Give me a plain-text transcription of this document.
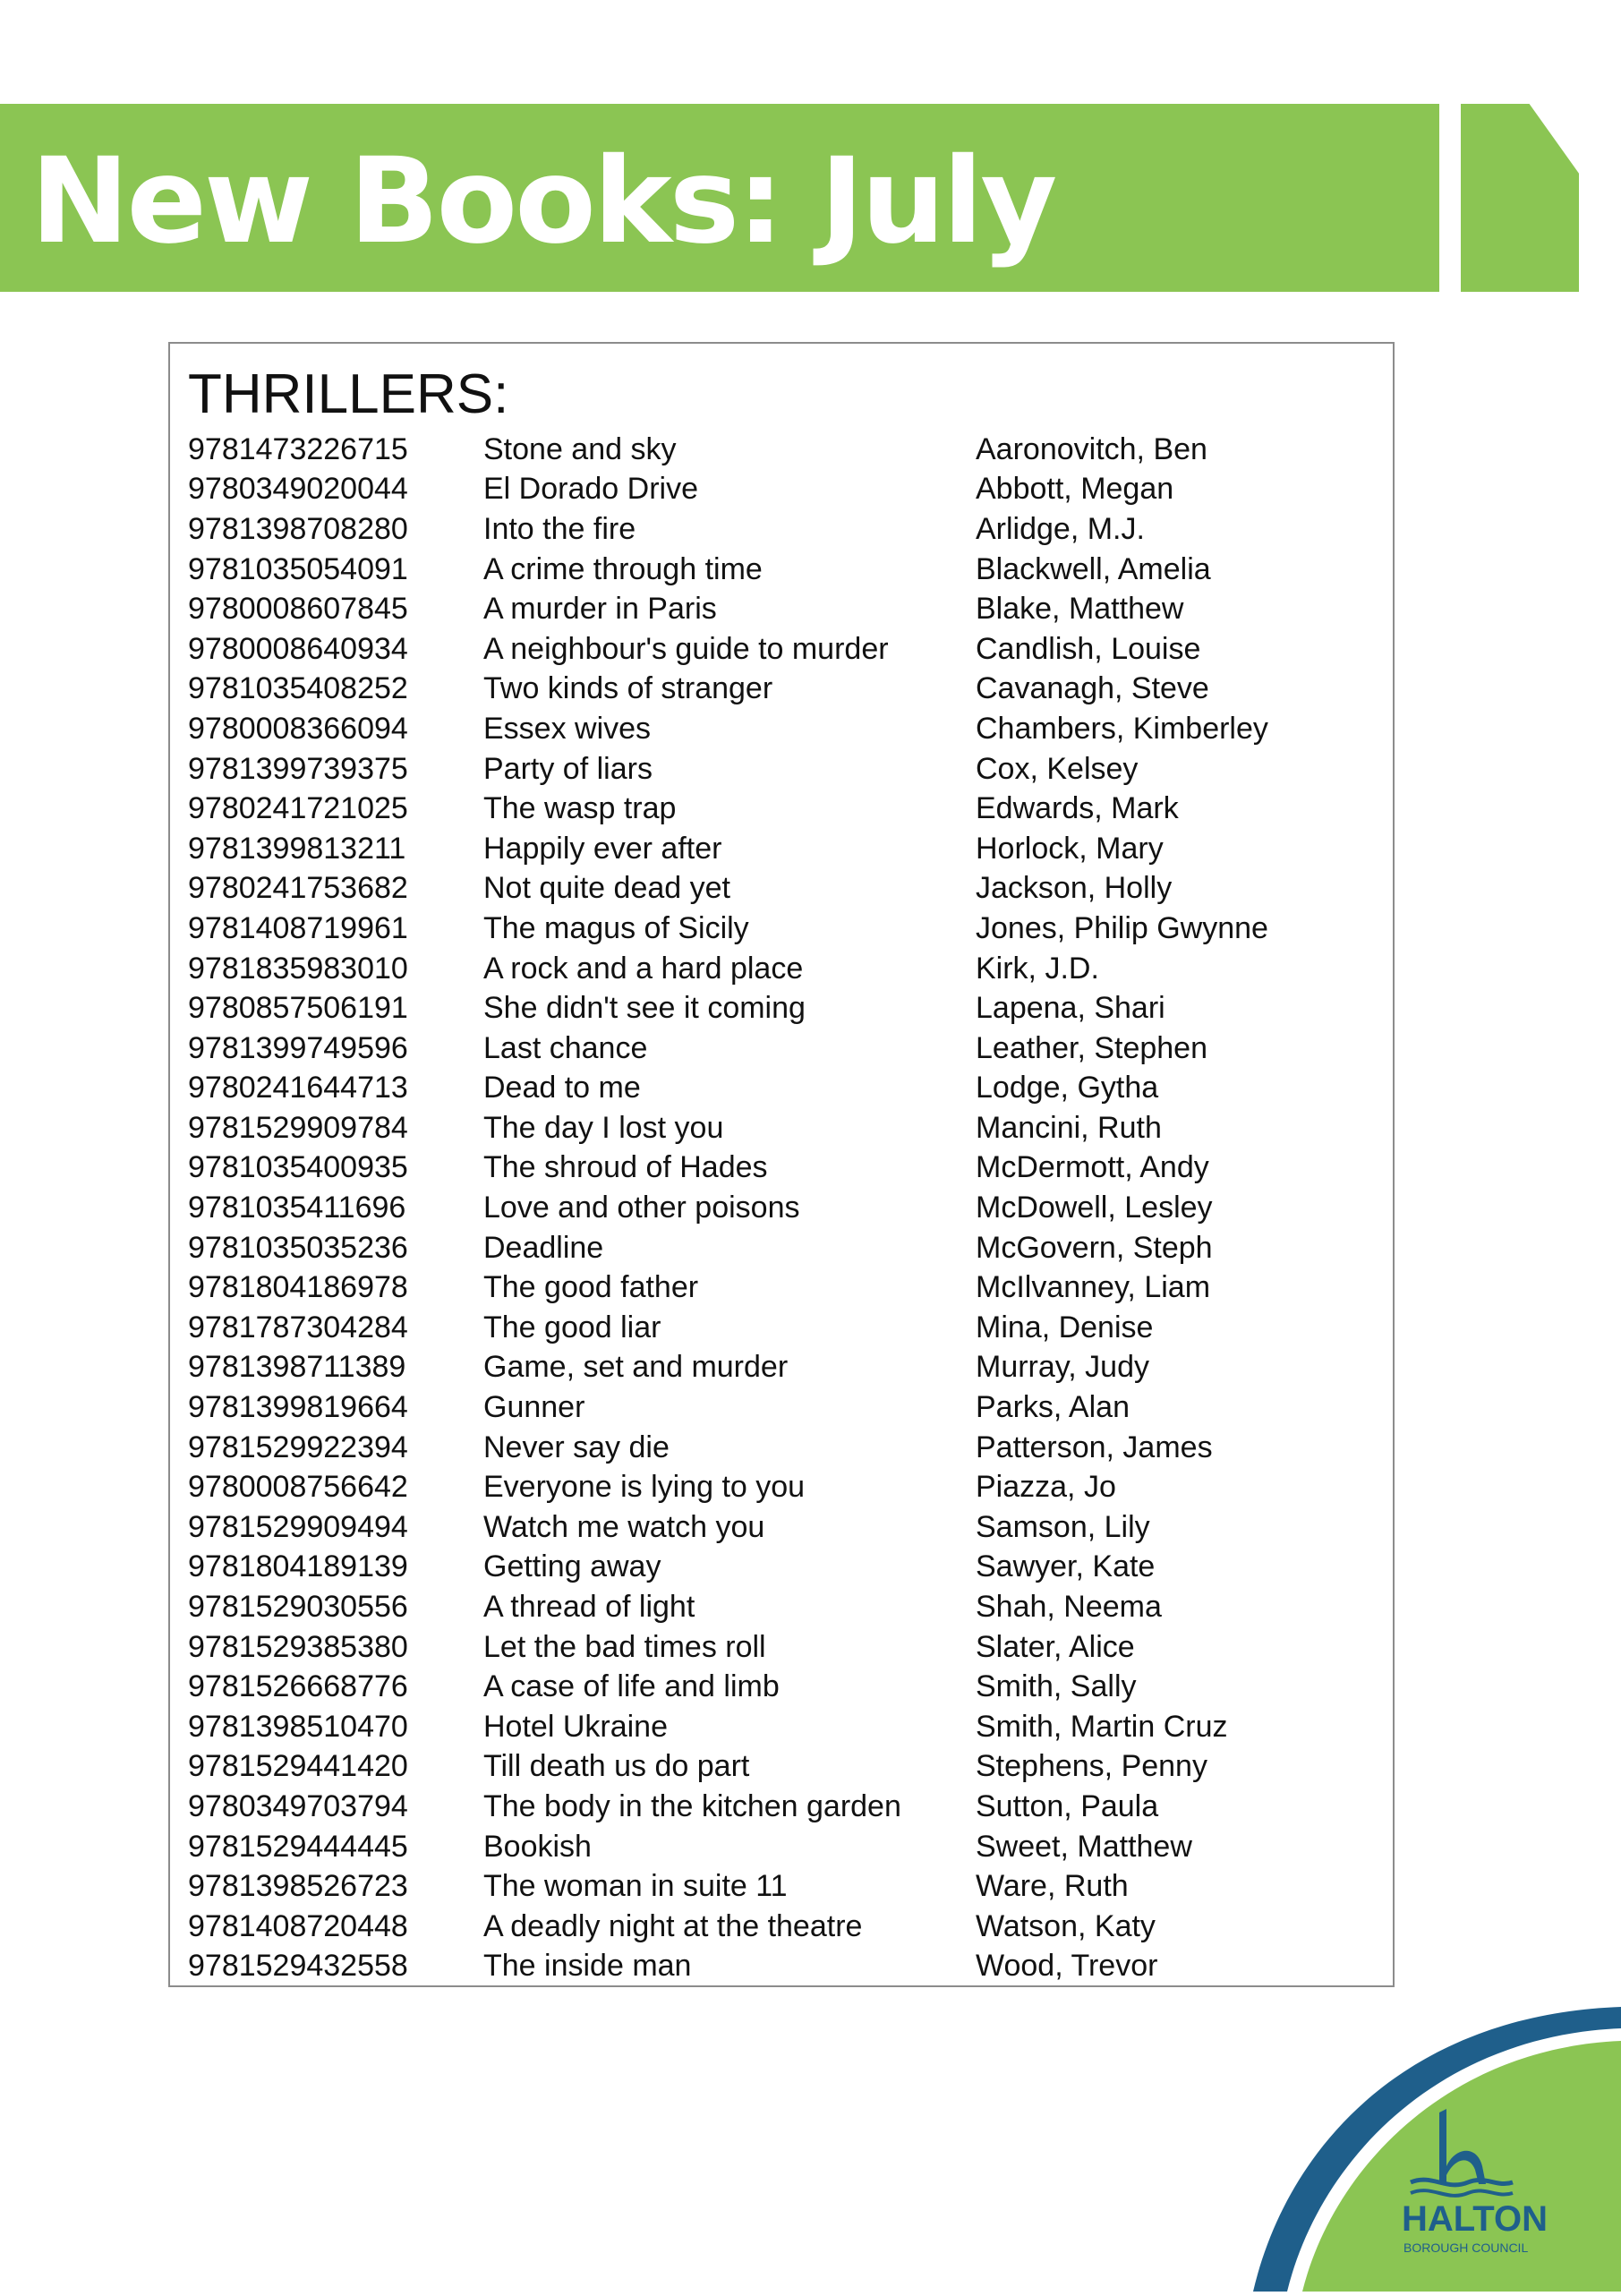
New Books: July
THRILLERS:
9781473226715	Stone and sky	Aaronovitch, Ben
9780349020044	El Dorado Drive	Abbott, Megan
9781398708280	Into the fire	Arlidge, M.J.
9781035054091	A crime through time	Blackwell, Amelia
9780008607845	A murder in Paris	Blake, Matthew
9780008640934	A neighbour's guide to murder	Candlish, Louise
9781035408252	Two kinds of stranger	Cavanagh, Steve
9780008366094	Essex wives	Chambers, Kimberley
9781399739375	Party of liars	Cox, Kelsey
9780241721025	The wasp trap	Edwards, Mark
9781399813211	Happily ever after	Horlock, Mary
9780241753682	Not quite dead yet	Jackson, Holly
9781408719961	The magus of Sicily	Jones, Philip Gwynne
9781835983010	A rock and a hard place	Kirk, J.D.
9780857506191	She didn't see it coming	Lapena, Shari
9781399749596	Last chance	Leather, Stephen
9780241644713	Dead to me	Lodge, Gytha
9781529909784	The day I lost you	Mancini, Ruth
9781035400935	The shroud of Hades	McDermott, Andy
9781035411696	Love and other poisons	McDowell, Lesley
9781035035236	Deadline	McGovern, Steph
9781804186978	The good father	McIlvanney, Liam
9781787304284	The good liar	Mina, Denise
9781398711389	Game, set and murder	Murray, Judy
9781399819664	Gunner	Parks, Alan
9781529922394	Never say die	Patterson, James
9780008756642	Everyone is lying to you	Piazza, Jo
9781529909494	Watch me watch you	Samson, Lily
9781804189139	Getting away	Sawyer, Kate
9781529030556	A thread of light	Shah, Neema
9781529385380	Let the bad times roll	Slater, Alice
9781526668776	A case of life and limb	Smith, Sally
9781398510470	Hotel Ukraine	Smith, Martin Cruz
9781529441420	Till death us do part	Stephens, Penny
9780349703794	The body in the kitchen garden	Sutton, Paula
9781529444445	Bookish	Sweet, Matthew
9781398526723	The woman in suite 11	Ware, Ruth
9781408720448	A deadly night at the theatre	Watson, Katy
9781529432558	The inside man	Wood, Trevor
HALTON
BOROUGH COUNCIL
